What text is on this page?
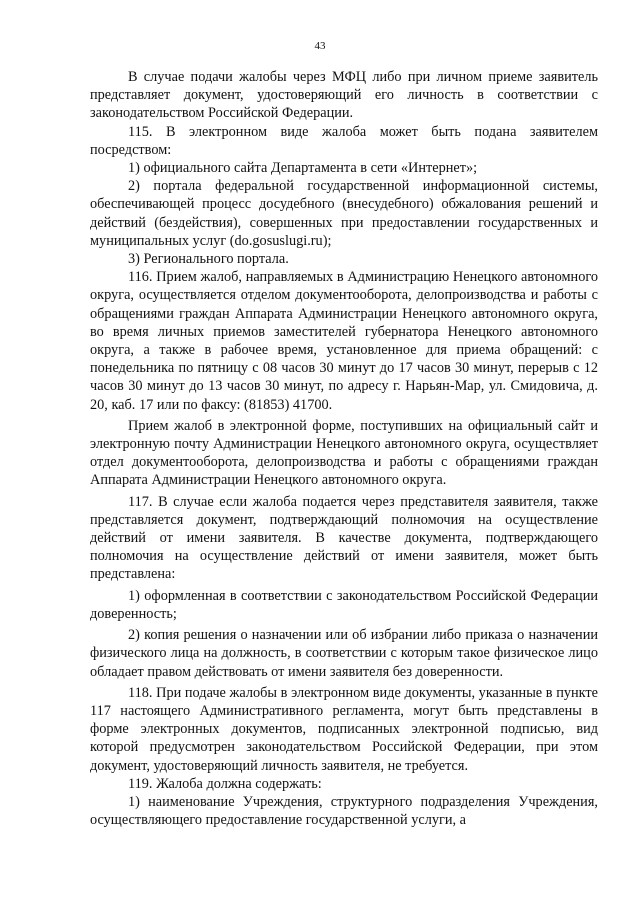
43

В случае подачи жалобы через МФЦ либо при личном приеме заявитель представляет документ, удостоверяющий его личность в соответствии с законодательством Российской Федерации.

115. В электронном виде жалоба может быть подана заявителем посредством:

1) официального сайта Департамента в сети «Интернет»;

2) портала федеральной государственной информационной системы, обеспечивающей процесс досудебного (внесудебного) обжалования решений и действий (бездействия), совершенных при предоставлении государственных и муниципальных услуг (do.gosuslugi.ru);

3) Регионального портала.

116. Прием жалоб, направляемых в Администрацию Ненецкого автономного округа, осуществляется отделом документооборота, делопроизводства и работы с обращениями граждан Аппарата Администрации Ненецкого автономного округа, во время личных приемов заместителей губернатора Ненецкого автономного округа, а также в рабочее время, установленное для приема обращений: с понедельника по пятницу с 08 часов 30 минут до 17 часов 30 минут, перерыв с 12 часов 30 минут до 13 часов 30 минут, по адресу г. Нарьян-Мар, ул. Смидовича, д. 20, каб. 17 или по факсу: (81853) 41700.

Прием жалоб в электронной форме, поступивших на официальный сайт и электронную почту Администрации Ненецкого автономного округа, осуществляет отдел документооборота, делопроизводства и работы с обращениями граждан Аппарата Администрации Ненецкого автономного округа.

117. В случае если жалоба подается через представителя заявителя, также представляется документ, подтверждающий полномочия на осуществление действий от имени заявителя. В качестве документа, подтверждающего полномочия на осуществление действий от имени заявителя, может быть представлена:

1) оформленная в соответствии с законодательством Российской Федерации доверенность;

2) копия решения о назначении или об избрании либо приказа о назначении физического лица на должность, в соответствии с которым такое физическое лицо обладает правом действовать от имени заявителя без доверенности.

118. При подаче жалобы в электронном виде документы, указанные в пункте 117 настоящего Административного регламента, могут быть представлены в форме электронных документов, подписанных электронной подписью, вид которой предусмотрен законодательством Российской Федерации, при этом документ, удостоверяющий личность заявителя, не требуется.

119. Жалоба должна содержать:

1) наименование Учреждения, структурного подразделения Учреждения, осуществляющего предоставление государственной услуги, а
